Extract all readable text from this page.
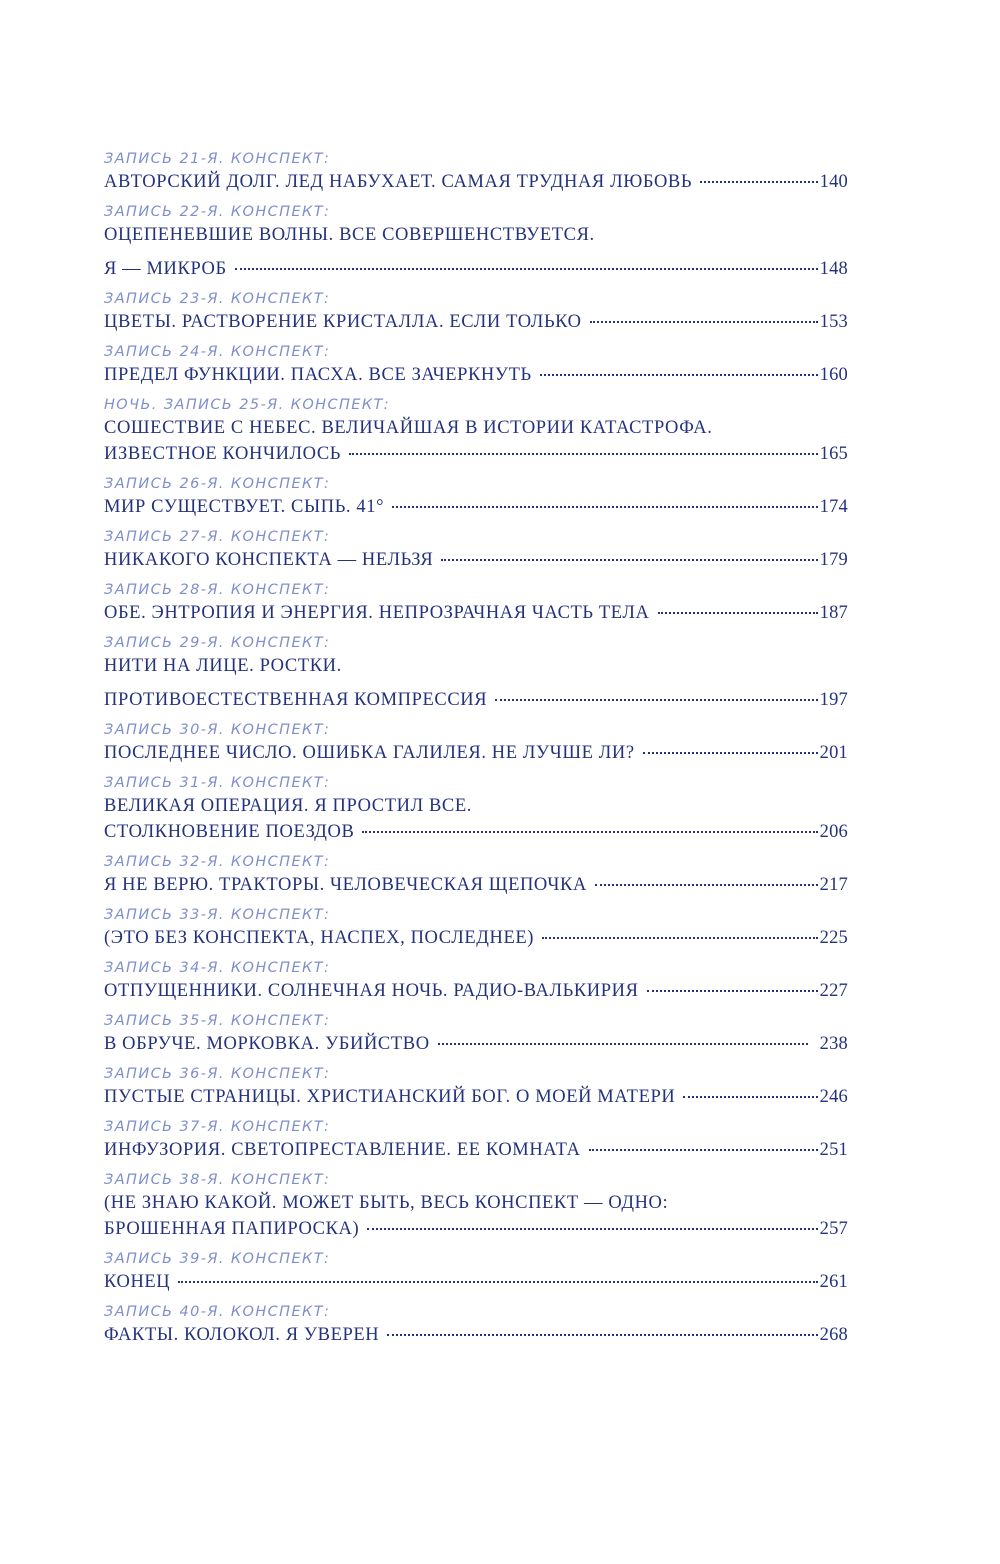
ЗАПИСЬ 21-Я. КОНСПЕКТ:
АВТОРСКИЙ ДОЛГ. ЛЕД НАБУХАЕТ. САМАЯ ТРУДНАЯ ЛЮБОВЬ	140
ЗАПИСЬ 22-Я. КОНСПЕКТ:
ОЦЕПЕНЕВШИЕ ВОЛНЫ. ВСЕ СОВЕРШЕНСТВУЕТСЯ.
Я — МИКРОБ	148
ЗАПИСЬ 23-Я. КОНСПЕКТ:
ЦВЕТЫ. РАСТВОРЕНИЕ КРИСТАЛЛА. ЕСЛИ ТОЛЬКО	153
ЗАПИСЬ 24-Я. КОНСПЕКТ:
ПРЕДЕЛ ФУНКЦИИ. ПАСХА. ВСЕ ЗАЧЕРКНУТЬ	160
НОЧЬ. ЗАПИСЬ 25-Я. КОНСПЕКТ:
СОШЕСТВИЕ С НЕБЕС. ВЕЛИЧАЙШАЯ В ИСТОРИИ КАТАСТРОФА.
ИЗВЕСТНОЕ КОНЧИЛОСЬ	165
ЗАПИСЬ 26-Я. КОНСПЕКТ:
МИР СУЩЕСТВУЕТ. СЫПЬ. 41°	174
ЗАПИСЬ 27-Я. КОНСПЕКТ:
НИКАКОГО КОНСПЕКТА — НЕЛЬЗЯ	179
ЗАПИСЬ 28-Я. КОНСПЕКТ:
ОБЕ. ЭНТРОПИЯ И ЭНЕРГИЯ. НЕПРОЗРАЧНАЯ ЧАСТЬ ТЕЛА	187
ЗАПИСЬ 29-Я. КОНСПЕКТ:
НИТИ НА ЛИЦЕ. РОСТКИ.
ПРОТИВОЕСТЕСТВЕННАЯ КОМПРЕССИЯ	197
ЗАПИСЬ 30-Я. КОНСПЕКТ:
ПОСЛЕДНЕЕ ЧИСЛО. ОШИБКА ГАЛИЛЕЯ. НЕ ЛУЧШЕ ЛИ?	201
ЗАПИСЬ 31-Я. КОНСПЕКТ:
ВЕЛИКАЯ ОПЕРАЦИЯ. Я ПРОСТИЛ ВСЕ.
СТОЛКНОВЕНИЕ ПОЕЗДОВ	206
ЗАПИСЬ 32-Я. КОНСПЕКТ:
Я НЕ ВЕРЮ. ТРАКТОРЫ. ЧЕЛОВЕЧЕСКАЯ ЩЕПОЧКА	217
ЗАПИСЬ 33-Я. КОНСПЕКТ:
(ЭТО БЕЗ КОНСПЕКТА, НАСПЕХ, ПОСЛЕДНЕЕ)	225
ЗАПИСЬ 34-Я. КОНСПЕКТ:
ОТПУЩЕННИКИ. СОЛНЕЧНАЯ НОЧЬ. РАДИО-ВАЛЬКИРИЯ	227
ЗАПИСЬ 35-Я. КОНСПЕКТ:
В ОБРУЧЕ. МОРКОВКА. УБИЙСТВО	238
ЗАПИСЬ 36-Я. КОНСПЕКТ:
ПУСТЫЕ СТРАНИЦЫ. ХРИСТИАНСКИЙ БОГ. О МОЕЙ МАТЕРИ	246
ЗАПИСЬ 37-Я. КОНСПЕКТ:
ИНФУЗОРИЯ. СВЕТОПРЕСТАВЛЕНИЕ. ЕЕ КОМНАТА	251
ЗАПИСЬ 38-Я. КОНСПЕКТ:
(НЕ ЗНАЮ КАКОЙ. МОЖЕТ БЫТЬ, ВЕСЬ КОНСПЕКТ — ОДНО:
БРОШЕННАЯ ПАПИРОСКА)	257
ЗАПИСЬ 39-Я. КОНСПЕКТ:
КОНЕЦ	261
ЗАПИСЬ 40-Я. КОНСПЕКТ:
ФАКТЫ. КОЛОКОЛ. Я УВЕРЕН	268
